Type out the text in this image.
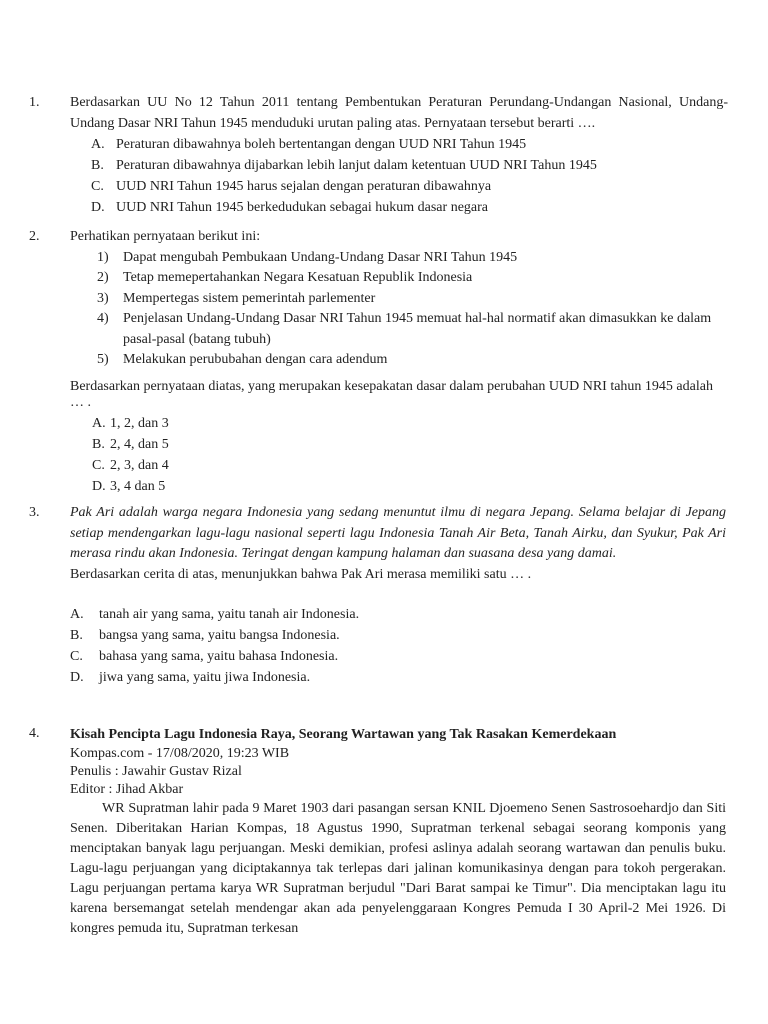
1. Berdasarkan UU No 12 Tahun 2011 tentang Pembentukan Peraturan Perundang-Undangan Nasional, Undang-Undang Dasar NRI Tahun 1945 menduduki urutan paling atas. Pernyataan tersebut berarti ….

A. Peraturan dibawahnya boleh bertentangan dengan UUD NRI Tahun 1945
B. Peraturan dibawahnya dijabarkan lebih lanjut dalam ketentuan UUD NRI Tahun 1945
C. UUD NRI Tahun 1945 harus sejalan dengan peraturan dibawahnya
D. UUD NRI Tahun 1945 berkedudukan sebagai hukum dasar negara
2. Perhatikan pernyataan berikut ini:

1) Dapat mengubah Pembukaan Undang-Undang Dasar NRI Tahun 1945
2) Tetap memepertahankan Negara Kesatuan Republik Indonesia
3) Mempertegas sistem pemerintah parlementer
4) Penjelasan Undang-Undang Dasar NRI Tahun 1945 memuat hal-hal normatif akan dimasukkan ke dalam pasal-pasal (batang tubuh)
5) Melakukan perububahan dengan cara adendum

Berdasarkan pernyataan diatas, yang merupakan kesepakatan dasar dalam perubahan UUD NRI tahun 1945 adalah … .

A. 1, 2, dan 3
B. 2, 4, dan 5
C. 2, 3, dan 4
D. 3, 4 dan 5
3. Pak Ari adalah warga negara Indonesia yang sedang menuntut ilmu di negara Jepang. Selama belajar di Jepang setiap mendengarkan lagu-lagu nasional seperti lagu Indonesia Tanah Air Beta, Tanah Airku, dan Syukur, Pak Ari merasa rindu akan Indonesia. Teringat dengan kampung halaman dan suasana desa yang damai.

Berdasarkan cerita di atas, menunjukkan bahwa Pak Ari merasa memiliki satu … .

A. tanah air yang sama, yaitu tanah air Indonesia.
B. bangsa yang sama, yaitu bangsa Indonesia.
C. bahasa yang sama, yaitu bahasa Indonesia.
D. jiwa yang sama, yaitu jiwa Indonesia.
4. Kisah Pencipta Lagu Indonesia Raya, Seorang Wartawan yang Tak Rasakan Kemerdekaan

Kompas.com - 17/08/2020, 19:23 WIB

Penulis : Jawahir Gustav Rizal

Editor : Jihad Akbar

WR Supratman lahir pada 9 Maret 1903 dari pasangan sersan KNIL Djoemeno Senen Sastrosoehardjo dan Siti Senen. Diberitakan Harian Kompas, 18 Agustus 1990, Supratman terkenal sebagai seorang komponis yang menciptakan banyak lagu perjuangan. Meski demikian, profesi aslinya adalah seorang wartawan dan penulis buku. Lagu-lagu perjuangan yang diciptakannya tak terlepas dari jalinan komunikasinya dengan para tokoh pergerakan. Lagu perjuangan pertama karya WR Supratman berjudul "Dari Barat sampai ke Timur". Dia menciptakan lagu itu karena bersemangat setelah mendengar akan ada penyelenggaraan Kongres Pemuda I 30 April-2 Mei 1926. Di kongres pemuda itu, Supratman terkesan
